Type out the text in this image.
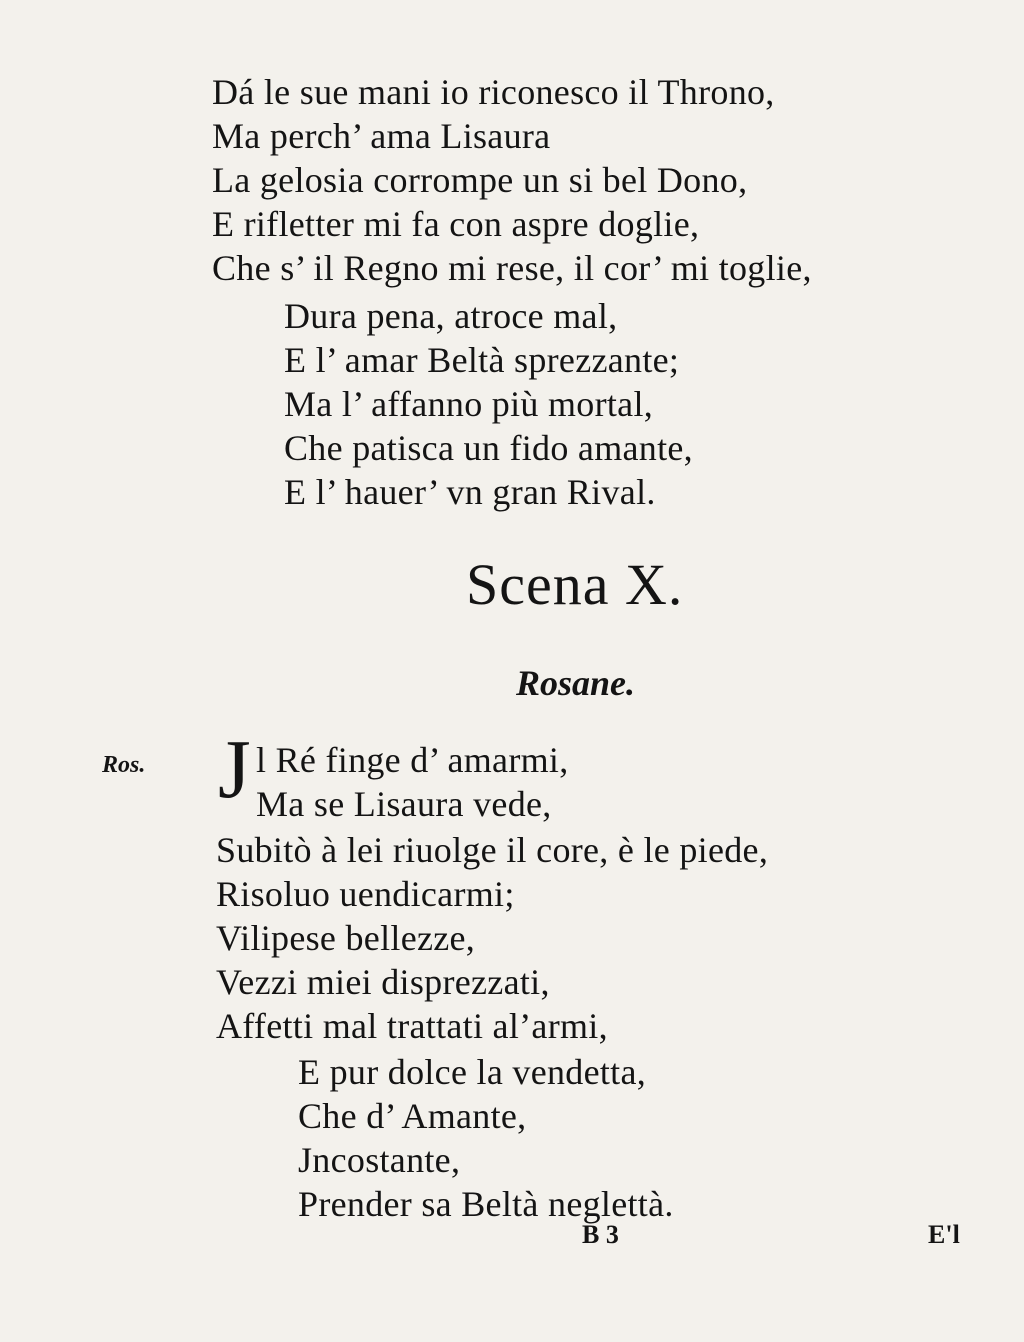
Dá le sue mani io riconesco il Throno,
Ma perch’ ama Lisaura
La gelosia corrompe un si bel Dono,
E rifletter mi fa con aspre doglie,
Che s’ il Regno mi rese, il cor’ mi toglie,
Dura pena, atroce mal,
E l’ amar Beltà sprezzante;
Ma l’ affanno più mortal,
Che patisca un fido amante,
E l’ hauer’ vn gran Rival.
Scena X.
Rosane.
Ros. J l Ré finge d’ amarmi,
Ma se Lisaura vede,
Subitò à lei riuolge il core, è le piede,
Risoluo uendicarmi;
Vilipese bellezze,
Vezzi miei disprezzati,
Affetti mal trattati al’armi,
E pur dolce la vendetta,
Che d’ Amante,
Jncostante,
Prender sa Beltà neglettà.
B 3	E'l
